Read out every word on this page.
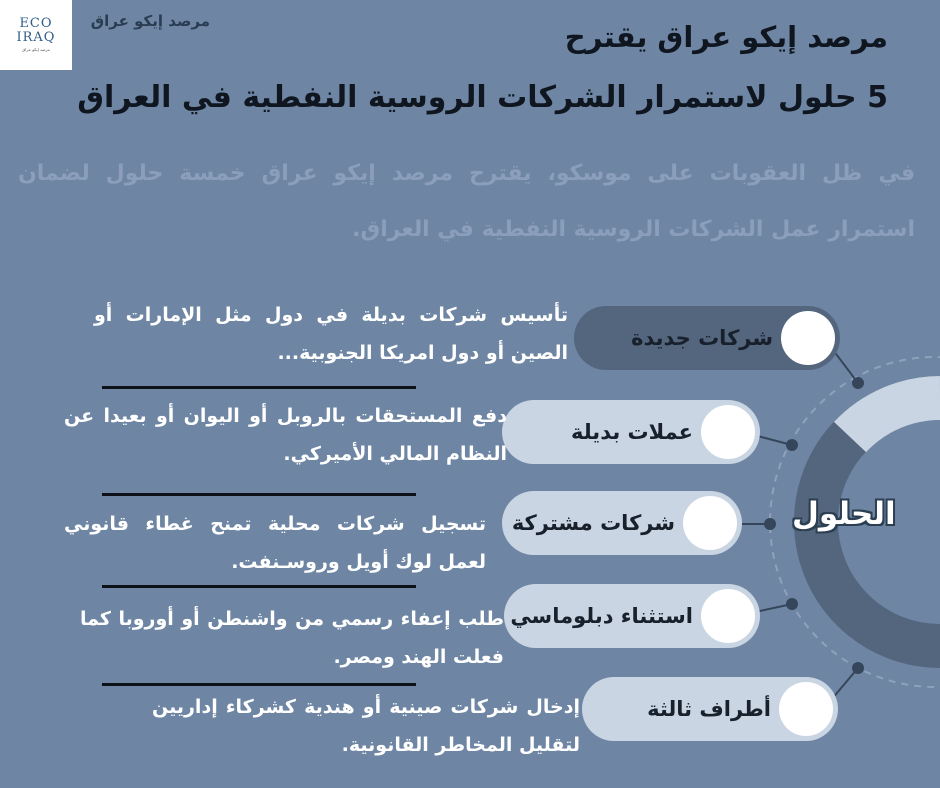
ECO
IRAQ
مرصد إيكو عراق
مرصد إيكو عراق	مرصد إيكو عراق يقترح
5 حلول لاستمرار الشركات الروسية النفطية في العراق

في ظل العقوبات على موسكو، يقترح مرصد إيكو عراق خمسة حلول لضمان استمرار عمل الشركات الروسية النفطية في العراق.

الحلول
شركات جديدة

تأسيس شركات بديلة في دول مثل الإمارات أو الصين أو دول امريكا الجنوبية...

عملات بديلة

دفع المستحقات بالروبل أو اليوان أو بعيدا عن النظام المالي الأميركي.

شركات مشتركة

تسجيل شركات محلية تمنح غطاء قانوني لعمل لوك أويل وروسـنفت.

استثناء دبلوماسي

طلب إعفاء رسمي من واشنطن أو أوروبا كما فعلت الهند ومصر.

أطراف ثالثة

إدخال شركات صينية أو هندية كشركاء إداريين لتقليل المخاطر القانونية.
